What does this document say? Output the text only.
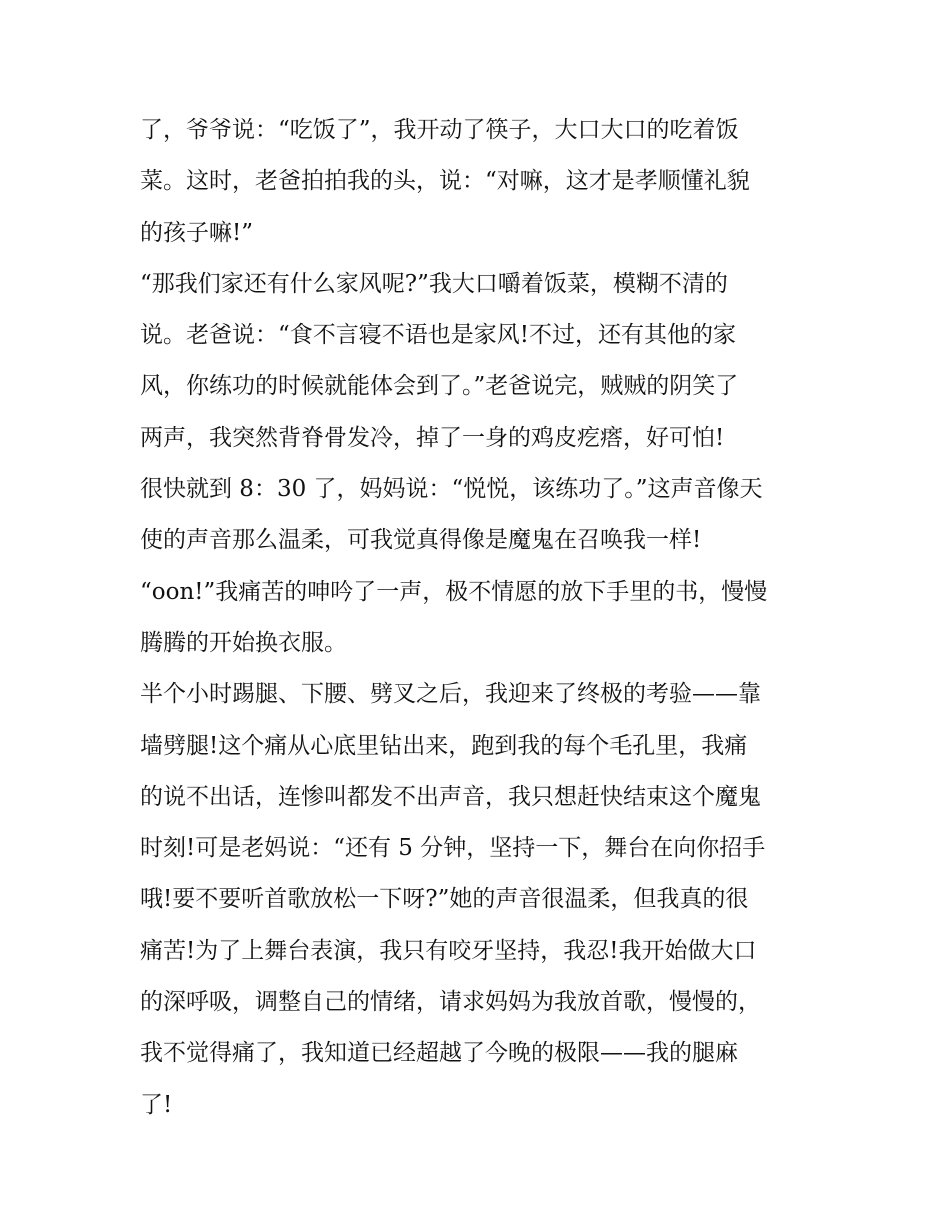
了，爷爷说：“吃饭了”，我开动了筷子，大口大口的吃着饭
菜。这时，老爸拍拍我的头，说：“对嘛，这才是孝顺懂礼貌
的孩子嘛!”
“那我们家还有什么家风呢?”我大口嚼着饭菜，模糊不清的
说。老爸说：“食不言寝不语也是家风!不过，还有其他的家
风，你练功的时候就能体会到了。”老爸说完，贼贼的阴笑了
两声，我突然背脊骨发冷，掉了一身的鸡皮疙瘩，好可怕!
很快就到 8：30 了，妈妈说：“悦悦，该练功了。”这声音像天
使的声音那么温柔，可我觉真得像是魔鬼在召唤我一样!
“oon!”我痛苦的呻吟了一声，极不情愿的放下手里的书，慢慢
腾腾的开始换衣服。
半个小时踢腿、下腰、劈叉之后，我迎来了终极的考验——靠
墙劈腿!这个痛从心底里钻出来，跑到我的每个毛孔里，我痛
的说不出话，连惨叫都发不出声音，我只想赶快结束这个魔鬼
时刻!可是老妈说：“还有 5 分钟，坚持一下，舞台在向你招手
哦!要不要听首歌放松一下呀?”她的声音很温柔，但我真的很
痛苦!为了上舞台表演，我只有咬牙坚持，我忍!我开始做大口
的深呼吸，调整自己的情绪，请求妈妈为我放首歌，慢慢的，
我不觉得痛了，我知道已经超越了今晚的极限——我的腿麻
了!
